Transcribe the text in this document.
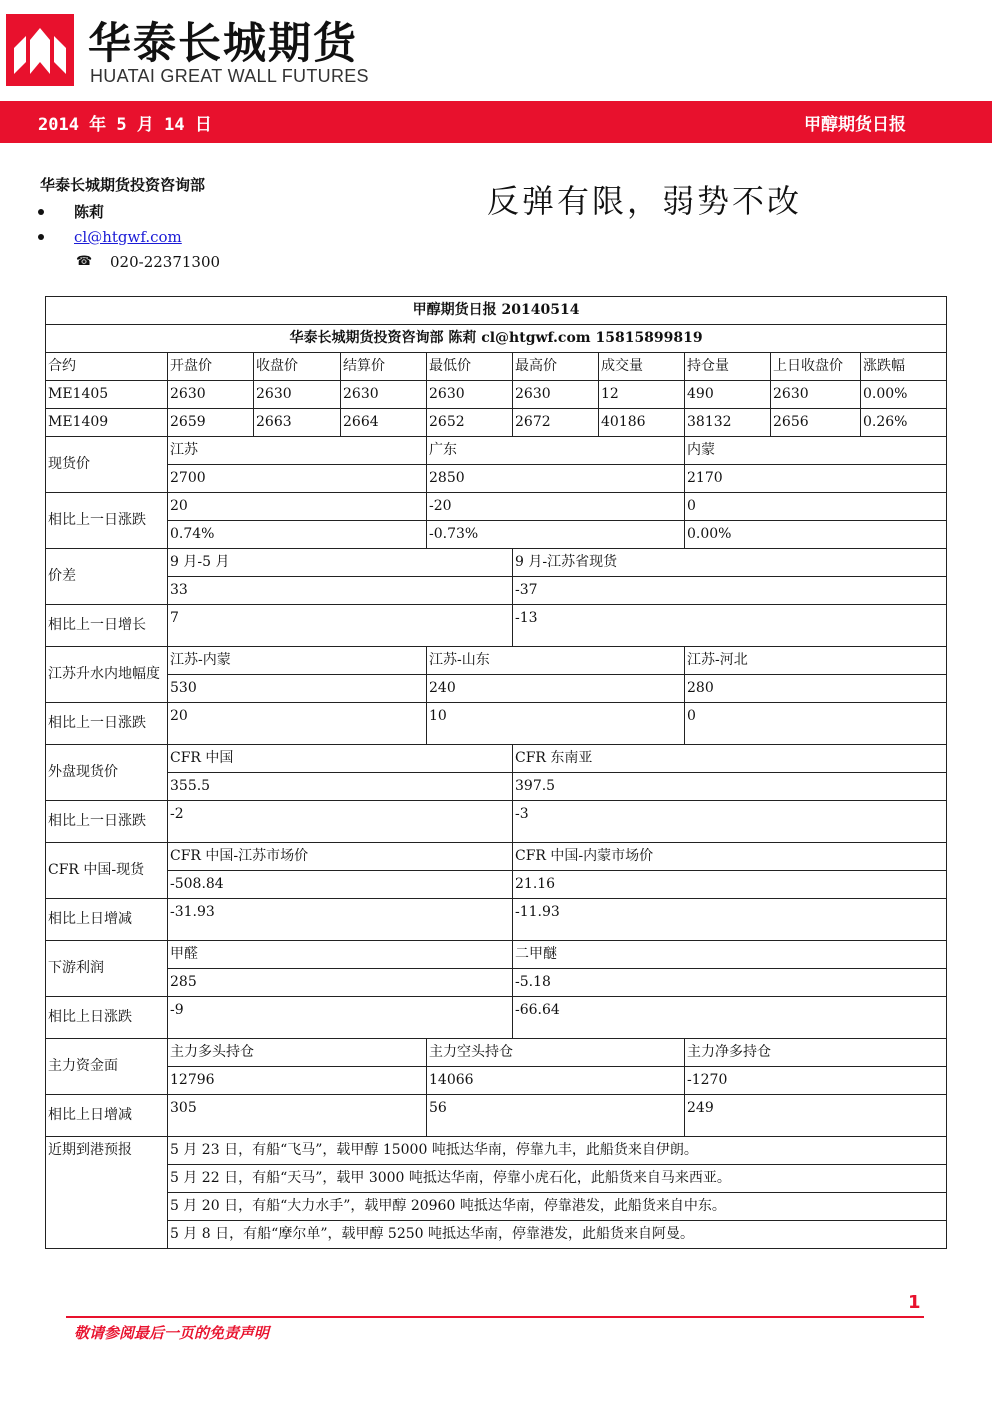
华泰长城期货
HUATAI GREAT WALL FUTURES
2014 年 5 月 14 日	甲醇期货日报
华泰长城期货投资咨询部
陈莉
cl@htgwf.com
☎ 020-22371300
反弹有限，弱势不改
甲醇期货日报 20140514									
华泰长城期货投资咨询部 陈莉 cl@htgwf.com 15815899819									
合约	开盘价	收盘价	结算价	最低价	最高价	成交量	持仓量	上日收盘价	涨跌幅
ME1405	2630	2630	2630	2630	2630	12	490	2630	0.00%
ME1409	2659	2663	2664	2652	2672	40186	38132	2656	0.26%
现货价	江苏			广东			内蒙		
	2700			2850			2170		
相比上一日涨跌	20			-20			0		
	0.74%			-0.73%			0.00%		
价差	9 月-5 月				9 月-江苏省现货				
	33				-37				
相比上一日增长	7				-13				
江苏升水内地幅度	江苏-内蒙			江苏-山东			江苏-河北		
	530			240			280		
相比上一日涨跌	20			10			0		
外盘现货价	CFR 中国				CFR 东南亚				
	355.5				397.5				
相比上一日涨跌	-2				-3				
CFR 中国-现货	CFR 中国-江苏市场价				CFR 中国-内蒙市场价				
	-508.84				21.16				
相比上日增减	-31.93				-11.93				
下游利润	甲醛				二甲醚				
	285				-5.18				
相比上日涨跌	-9				-66.64				
主力资金面	主力多头持仓			主力空头持仓			主力净多持仓		
	12796			14066			-1270		
相比上日增减	305			56			249		
近期到港预报	5 月 23 日，有船“飞马”，载甲醇 15000 吨抵达华南，停靠九丰，此船货来自伊朗。								
	5 月 22 日，有船“天马”，载甲 3000 吨抵达华南，停靠小虎石化，此船货来自马来西亚。								
	5 月 20 日，有船“大力水手”，载甲醇 20960 吨抵达华南，停靠港发，此船货来自中东。								
	5 月 8 日，有船“摩尔单”，载甲醇 5250 吨抵达华南，停靠港发，此船货来自阿曼。								
1
敬请参阅最后一页的免责声明
